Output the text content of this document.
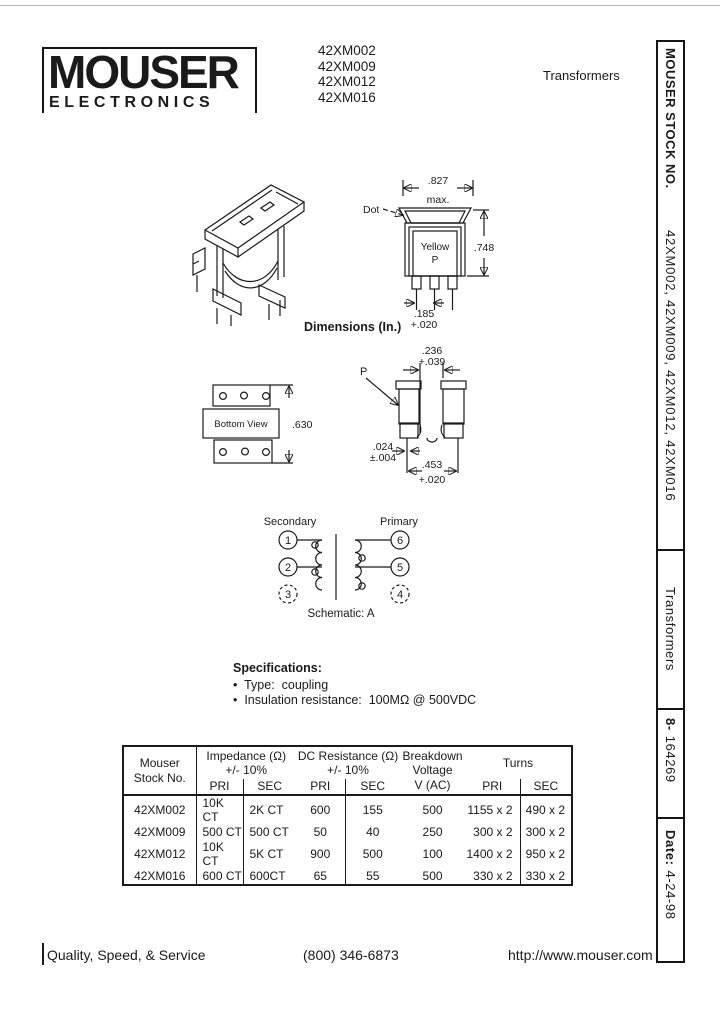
MOUSER
ELECTRONICS
42XM002
42XM009
42XM012
42XM016
Transformers	MOUSER STOCK NO.
42XM002, 42XM009, 42XM012, 42XM016
Transformers
8-164269
Date:4-24-98
.827
max.
Dot
Yellow
P
.748
.185
+.020
Dimensions (In.)
Bottom View .630
.236
+.039
P
.024
±.004
.453
+.020
Secondary	Primary
1
2
3
6
5
4
Schematic: A
Specifications:
•  Type:  coupling
•  Insulation resistance:  100MΩ @ 500VDC
Mouser
Stock No.	Impedance (Ω)
+/- 10%		DC Resistance (Ω)
+/- 10%		Breakdown
Voltage
V (AC)	Turns	
	PRI	SEC	PRI	SEC		PRI	SEC
42XM002	10K CT	2K CT	600	155	500	1155 x 2	490 x 2
42XM009	500 CT	500 CT	50	40	250	300 x 2	300 x 2
42XM012	10K CT	5K CT	900	500	100	1400 x 2	950 x 2
42XM016	600 CT	600CT	65	55	500	330 x 2	330 x 2
Quality, Speed, & Service	(800) 346-6873	http://www.mouser.com
